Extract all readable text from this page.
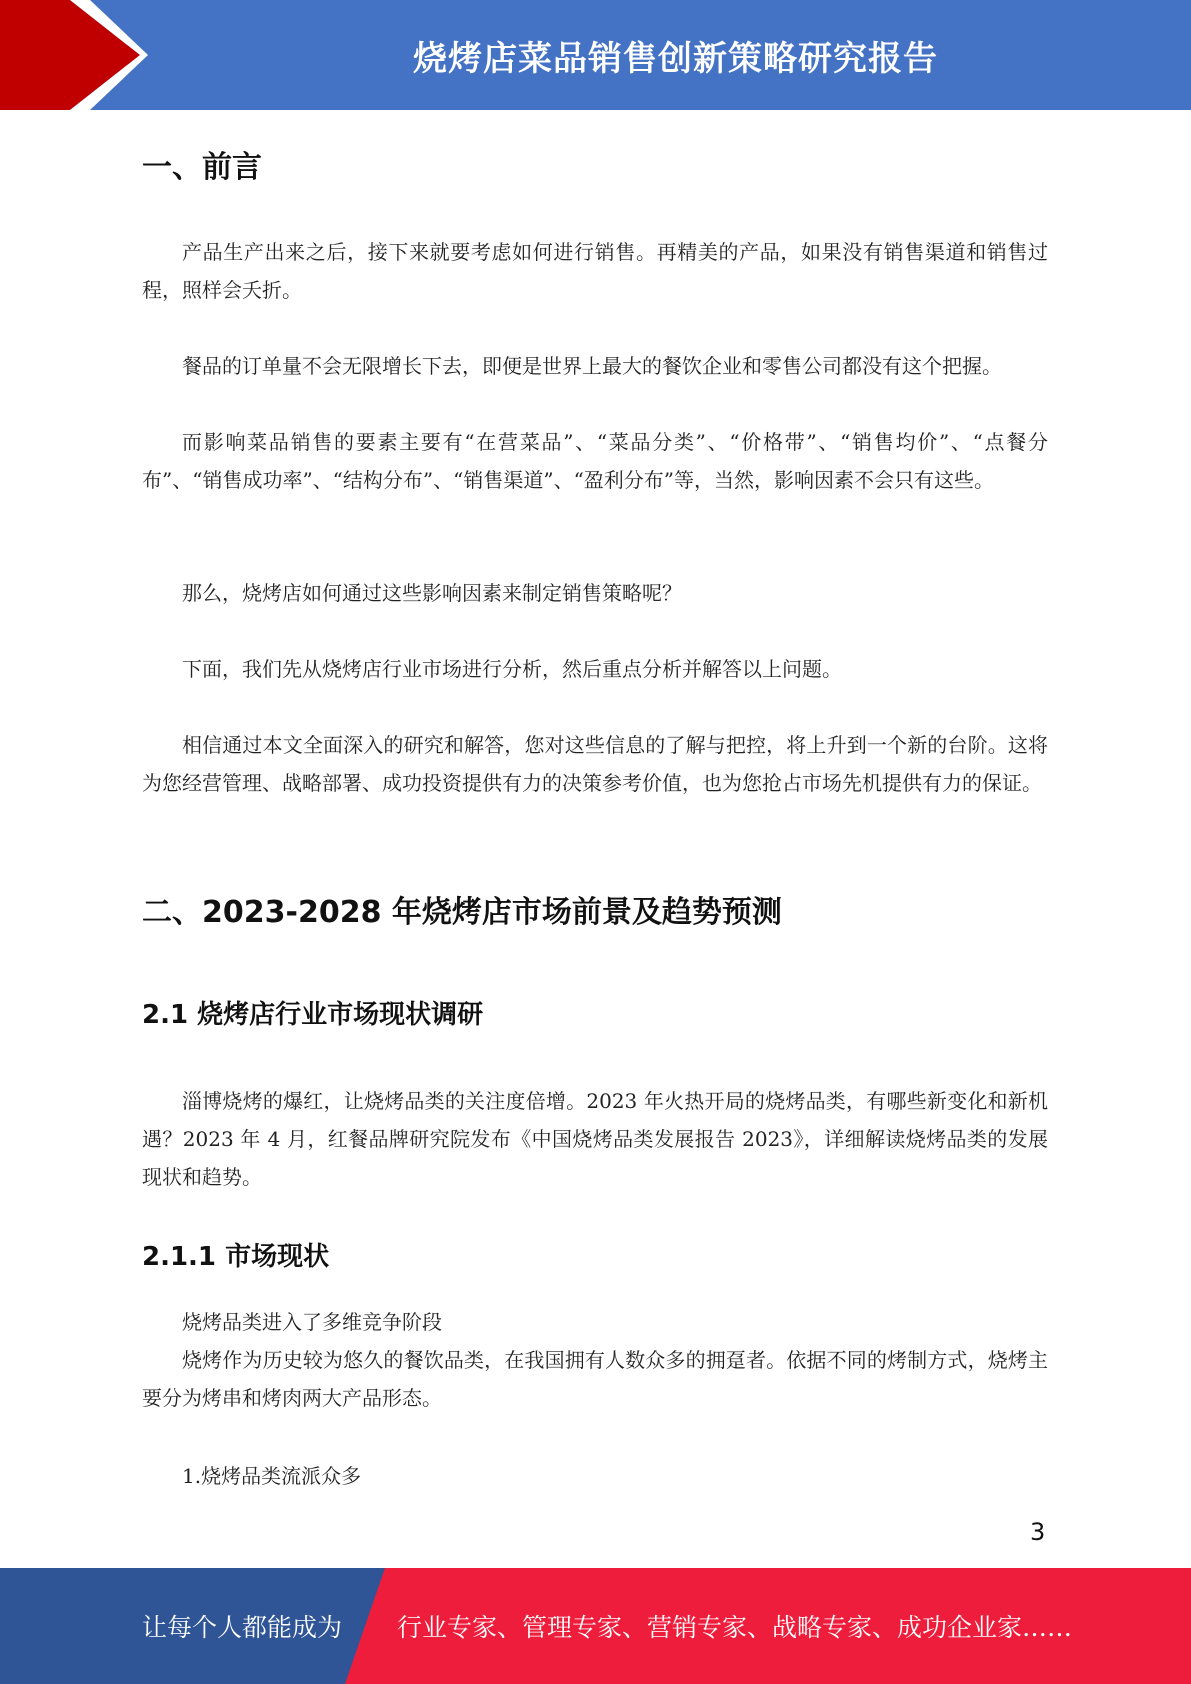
烧烤店菜品销售创新策略研究报告
一、前言

产品生产出来之后，接下来就要考虑如何进行销售。再精美的产品，如果没有销售渠道和销售过程，照样会夭折。

餐品的订单量不会无限增长下去，即便是世界上最大的餐饮企业和零售公司都没有这个把握。

而影响菜品销售的要素主要有“在营菜品”、“菜品分类”、“价格带”、“销售均价”、“点餐分布”、“销售成功率”、“结构分布”、“销售渠道”、“盈利分布”等，当然，影响因素不会只有这些。

那么，烧烤店如何通过这些影响因素来制定销售策略呢？

下面，我们先从烧烤店行业市场进行分析，然后重点分析并解答以上问题。

相信通过本文全面深入的研究和解答，您对这些信息的了解与把控，将上升到一个新的台阶。这将为您经营管理、战略部署、成功投资提供有力的决策参考价值，也为您抢占市场先机提供有力的保证。

二、2023-2028 年烧烤店市场前景及趋势预测
2.1 烧烤店行业市场现状调研

淄博烧烤的爆红，让烧烤品类的关注度倍增。2023 年火热开局的烧烤品类，有哪些新变化和新机遇？2023 年 4 月，红餐品牌研究院发布《中国烧烤品类发展报告 2023》，详细解读烧烤品类的发展现状和趋势。

2.1.1 市场现状

烧烤品类进入了多维竞争阶段

烧烤作为历史较为悠久的餐饮品类，在我国拥有人数众多的拥趸者。依据不同的烤制方式，烧烤主要分为烤串和烤肉两大产品形态。

1.烧烤品类流派众多

3
让每个人都能成为 行业专家、管理专家、营销专家、战略专家、成功企业家……
